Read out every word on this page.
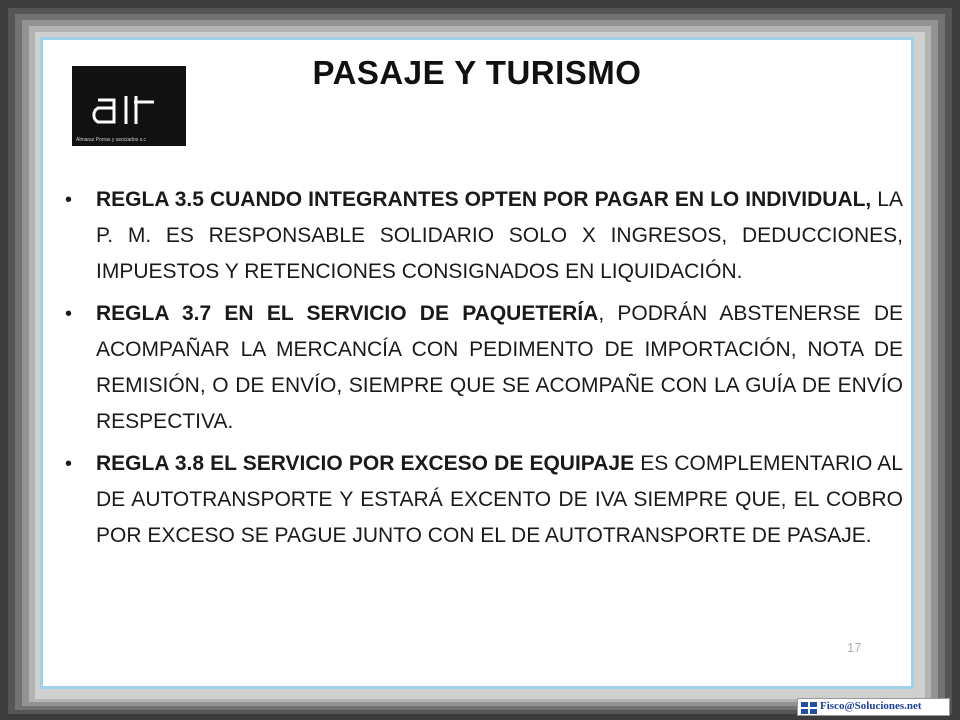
Almaraz Porras y asociados s.c
PASAJE Y TURISMO
• REGLA 3.5 CUANDO INTEGRANTES OPTEN POR PAGAR EN LO INDIVIDUAL, LA P. M. ES RESPONSABLE SOLIDARIO SOLO X INGRESOS, DEDUCCIONES, IMPUESTOS Y RETENCIONES CONSIGNADOS EN LIQUIDACIÓN.
• REGLA 3.7 EN EL SERVICIO DE PAQUETERÍA, PODRÁN ABSTENERSE DE ACOMPAÑAR LA MERCANCÍA CON PEDIMENTO DE IMPORTACIÓN, NOTA DE REMISIÓN, O DE ENVÍO, SIEMPRE QUE SE ACOMPAÑE CON LA GUÍA DE ENVÍO RESPECTIVA.
• REGLA 3.8 EL SERVICIO POR EXCESO DE EQUIPAJE ES COMPLEMENTARIO AL DE AUTOTRANSPORTE Y ESTARÁ EXCENTO DE IVA SIEMPRE QUE, EL COBRO POR EXCESO SE PAGUE JUNTO CON EL DE AUTOTRANSPORTE DE PASAJE.
17
Fisco@Soluciones.net
